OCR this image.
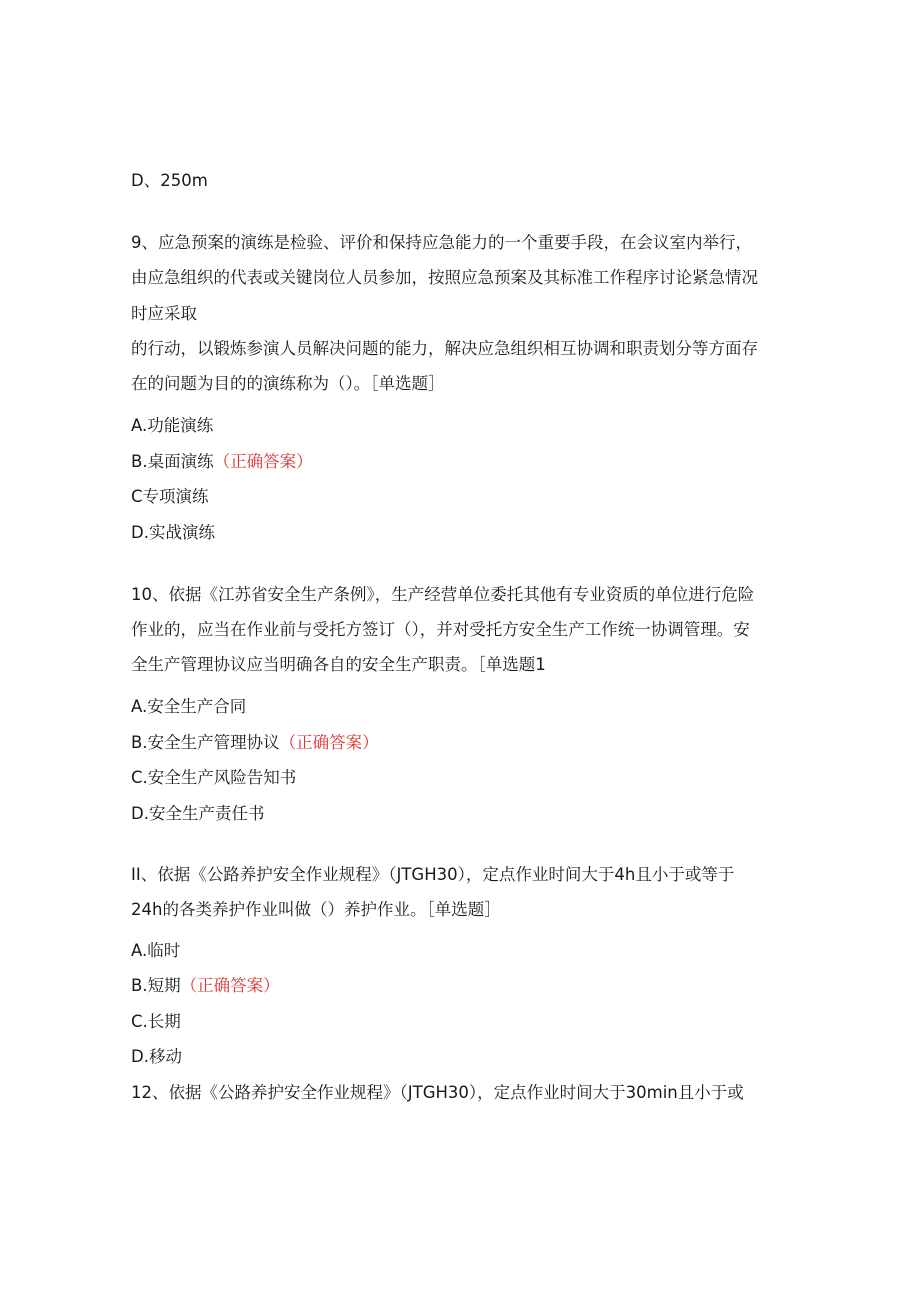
D、250m
9、应急预案的演练是检验、评价和保持应急能力的一个重要手段，在会议室内举行，
由应急组织的代表或关键岗位人员参加，按照应急预案及其标准工作程序讨论紧急情况
时应采取
的行动，以锻炼参演人员解决问题的能力，解决应急组织相互协调和职责划分等方面存
在的问题为目的的演练称为（）。［单选题］
A.功能演练
B.桌面演练（正确答案）
C专项演练
D.实战演练
10、依据《江苏省安全生产条例》，生产经营单位委托其他有专业资质的单位进行危险
作业的，应当在作业前与受托方签订（），并对受托方安全生产工作统一协调管理。安
全生产管理协议应当明确各自的安全生产职责。［单选题1
A.安全生产合同
B.安全生产管理协议（正确答案）
C.安全生产风险告知书
D.安全生产责任书
II、依据《公路养护安全作业规程》（JTGH30），定点作业时间大于4h且小于或等于
24h的各类养护作业叫做（）养护作业。［单选题］
A.临时
B.短期（正确答案）
C.长期
D.移动
12、依据《公路养护安全作业规程》（JTGH30），定点作业时间大于30min且小于或
